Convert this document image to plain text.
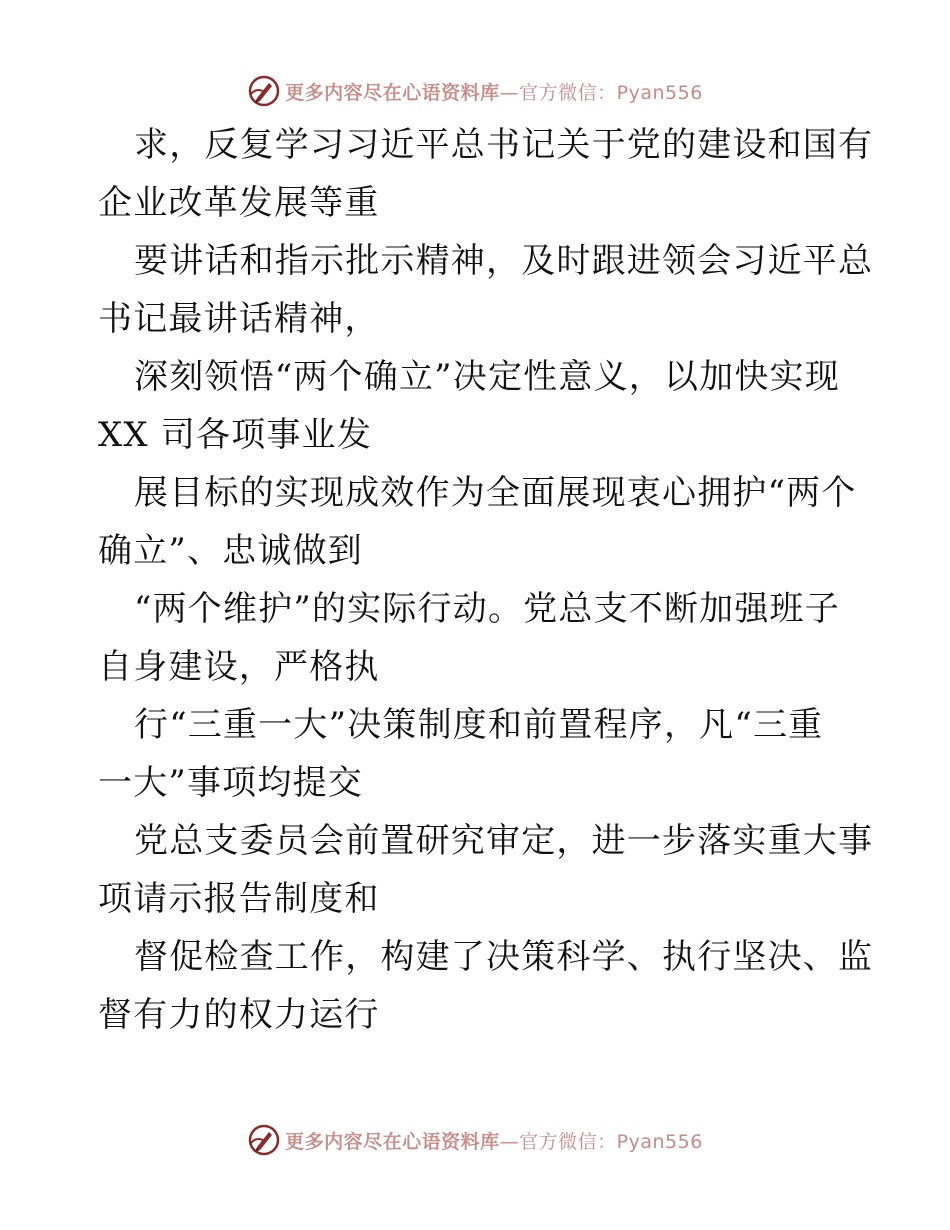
更多内容尽在心语资料库—官方微信：Pyan556

求，反复学习习近平总书记关于党的建设和国有
企业改革发展等重

要讲话和指示批示精神，及时跟进领会习近平总
书记最讲话精神，

深刻领悟“两个确立”决定性意义，以加快实现
XX 司各项事业发

展目标的实现成效作为全面展现衷心拥护“两个
确立”、忠诚做到

“两个维护”的实际行动。党总支不断加强班子
自身建设，严格执

行“三重一大”决策制度和前置程序，凡“三重
一大”事项均提交

党总支委员会前置研究审定，进一步落实重大事
项请示报告制度和

督促检查工作，构建了决策科学、执行坚决、监
督有力的权力运行

更多内容尽在心语资料库—官方微信：Pyan556
